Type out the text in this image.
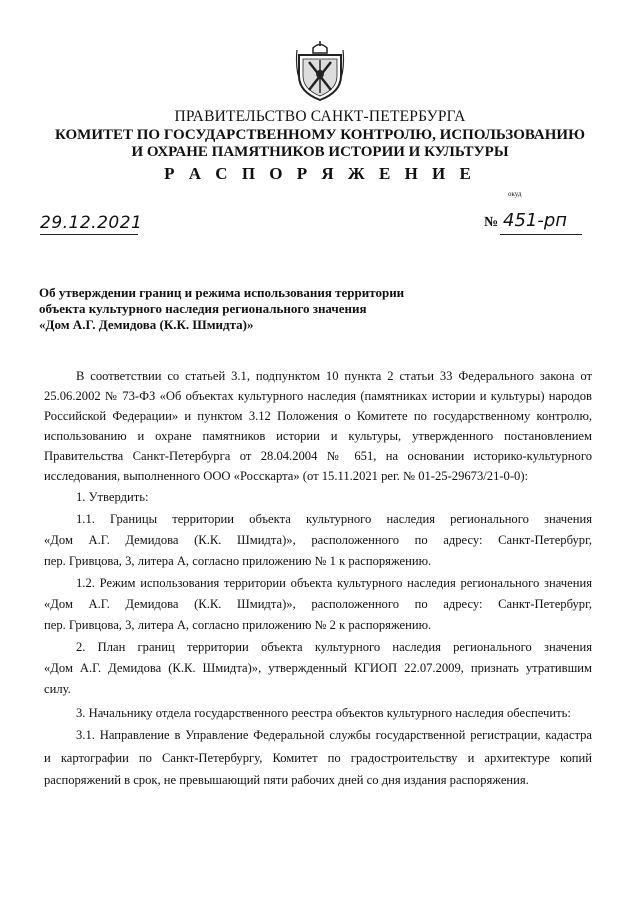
ПРАВИТЕЛЬСТВО САНКТ-ПЕТЕРБУРГА
КОМИТЕТ ПО ГОСУДАРСТВЕННОМУ КОНТРОЛЮ, ИСПОЛЬЗОВАНИЮ
И ОХРАНЕ ПАМЯТНИКОВ ИСТОРИИ И КУЛЬТУРЫ
Р А С П О Р Я Ж Е Н И Е
окуд
29.12.2021	№ 451-рп
Об утверждении границ и режима использования территории
объекта культурного наследия регионального значения
«Дом А.Г. Демидова (К.К. Шмидта)»
В соответствии со статьей 3.1, подпунктом 10 пункта 2 статьи 33 Федерального закона от
25.06.2002 № 73-ФЗ «Об объектах культурного наследия (памятниках истории и культуры) народов
Российской Федерации» и пунктом 3.12 Положения о Комитете по государственному контролю,
использованию и охране памятников истории и культуры, утвержденного постановлением
Правительства Санкт-Петербурга от 28.04.2004 № 651, на основании историко-культурного
исследования, выполненного ООО «Росскарта» (от 15.11.2021 рег. № 01-25-29673/21-0-0):
1. Утвердить:
1.1. Границы территории объекта культурного наследия регионального значения
«Дом А.Г. Демидова (К.К. Шмидта)», расположенного по адресу: Санкт-Петербург,
пер. Гривцова, 3, литера А, согласно приложению № 1 к распоряжению.
1.2. Режим использования территории объекта культурного наследия регионального значения
«Дом А.Г. Демидова (К.К. Шмидта)», расположенного по адресу: Санкт-Петербург,
пер. Гривцова, 3, литера А, согласно приложению № 2 к распоряжению.
2. План границ территории объекта культурного наследия регионального значения
«Дом А.Г. Демидова (К.К. Шмидта)», утвержденный КГИОП 22.07.2009, признать утратившим
силу.
3. Начальнику отдела государственного реестра объектов культурного наследия обеспечить:
3.1. Направление в Управление Федеральной службы государственной регистрации, кадастра
и картографии по Санкт-Петербургу, Комитет по градостроительству и архитектуре копий
распоряжений в срок, не превышающий пяти рабочих дней со дня издания распоряжения.
